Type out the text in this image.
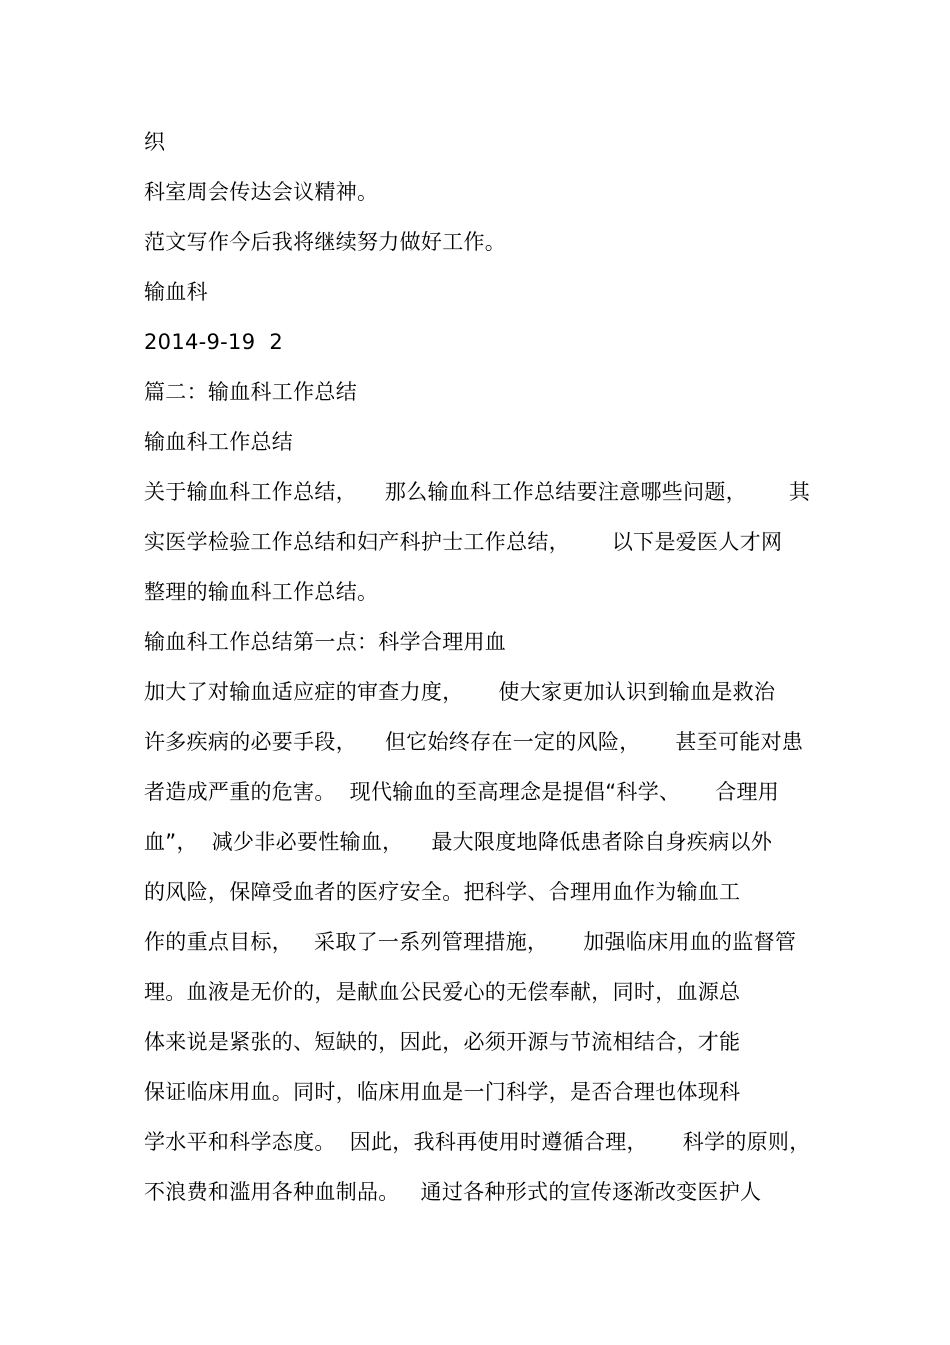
织

科室周会传达会议精神。

范文写作今后我将继续努力做好工作。

输血科

2014-9-19  2

篇二：输血科工作总结

输血科工作总结

关于输血科工作总结，    那么输血科工作总结要注意哪些问题，      其

实医学检验工作总结和妇产科护士工作总结，      以下是爱医人才网

整理的输血科工作总结。

输血科工作总结第一点：科学合理用血

加大了对输血适应症的审查力度，     使大家更加认识到输血是救治

许多疾病的必要手段，    但它始终存在一定的风险，     甚至可能对患

者造成严重的危害。  现代输血的至高理念是提倡“科学、     合理用

血”，  减少非必要性输血，    最大限度地降低患者除自身疾病以外

的风险，保障受血者的医疗安全。把科学、合理用血作为输血工

作的重点目标，   采取了一系列管理措施，     加强临床用血的监督管

理。血液是无价的，是献血公民爱心的无偿奉献，同时，血源总

体来说是紧张的、短缺的，因此，必须开源与节流相结合，才能

保证临床用血。同时，临床用血是一门科学，是否合理也体现科

学水平和科学态度。  因此，我科再使用时遵循合理，     科学的原则，

不浪费和滥用各种血制品。   通过各种形式的宣传逐渐改变医护人
